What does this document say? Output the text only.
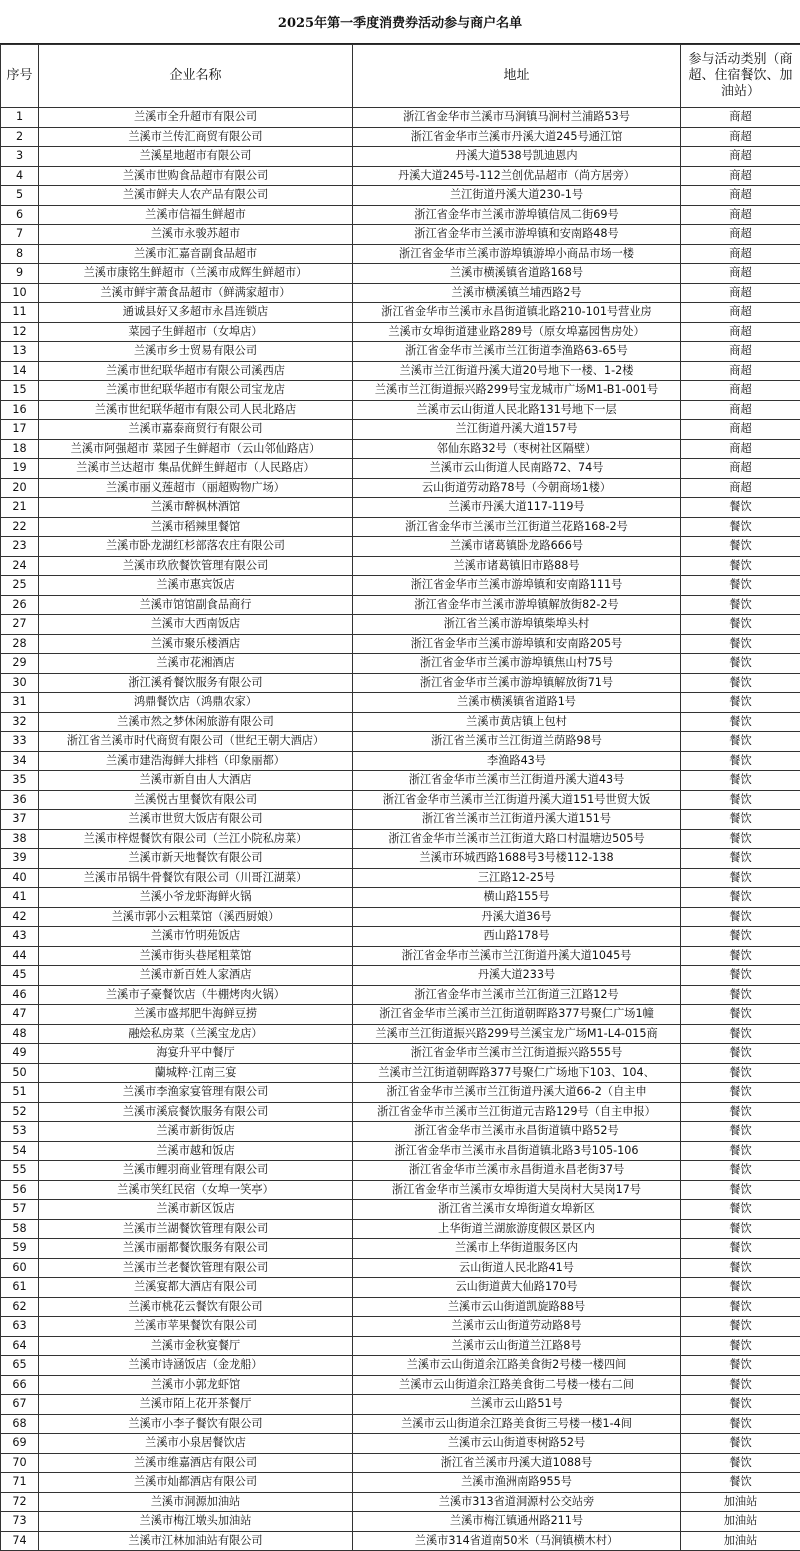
2025年第一季度消费券活动参与商户名单
序号	企业名称	地址	参与活动类别（商超、住宿餐饮、加油站）
1	兰溪市全升超市有限公司	浙江省金华市兰溪市马涧镇马涧村兰浦路53号	商超
2	兰溪市兰传汇商贸有限公司	浙江省金华市兰溪市丹溪大道245号通江馆	商超
3	兰溪星地超市有限公司	丹溪大道538号凯迪恩内	商超
4	兰溪市世购食品超市有限公司	丹溪大道245号-112兰创优品超市（尚方居旁）	商超
5	兰溪市鲜夫人农产品有限公司	兰江街道丹溪大道230-1号	商超
6	兰溪市信福生鲜超市	浙江省金华市兰溪市游埠镇信凤二街69号	商超
7	兰溪市永骏苏超市	浙江省金华市兰溪市游埠镇和安南路48号	商超
8	兰溪市汇嘉音副食品超市	浙江省金华市兰溪市游埠镇游埠小商品市场一楼	商超
9	兰溪市康铭生鲜超市（兰溪市成辉生鲜超市）	兰溪市横溪镇省道路168号	商超
10	兰溪市鲜宇萧食品超市（鲜满家超市）	兰溪市横溪镇兰埔西路2号	商超
11	通诚县好又多超市永昌连锁店	浙江省金华市兰溪市永昌街道镇北路210-101号营业房	商超
12	菜园子生鲜超市（女埠店）	兰溪市女埠街道建业路289号（原女埠嘉园售房处）	商超
13	兰溪市乡士贸易有限公司	浙江省金华市兰溪市兰江街道李渔路63-65号	商超
14	兰溪市世纪联华超市有限公司溪西店	兰溪市兰江街道丹溪大道20号地下一楼、1-2楼	商超
15	兰溪市世纪联华超市有限公司宝龙店	兰溪市兰江街道振兴路299号宝龙城市广场M1-B1-001号	商超
16	兰溪市世纪联华超市有限公司人民北路店	兰溪市云山街道人民北路131号地下一层	商超
17	兰溪市嘉泰商贸行有限公司	兰江街道丹溪大道157号	商超
18	兰溪市阿强超市 菜园子生鲜超市（云山邻仙路店）	邻仙东路32号（枣树社区隔壁）	商超
19	兰溪市兰达超市 集品优鲜生鲜超市（人民路店）	兰溪市云山街道人民南路72、74号	商超
20	兰溪市丽义莲超市（丽超购物广场）	云山街道劳动路78号（今朝商场1楼）	商超
21	兰溪市醉枫林酒馆	兰溪市丹溪大道117-119号	餐饮
22	兰溪市稻辣里餐馆	浙江省金华市兰溪市兰江街道兰花路168-2号	餐饮
23	兰溪市卧龙湖红杉部落农庄有限公司	兰溪市诸葛镇卧龙路666号	餐饮
24	兰溪市玖欣餐饮管理有限公司	兰溪市诸葛镇旧市路88号	餐饮
25	兰溪市惠宾饭店	浙江省金华市兰溪市游埠镇和安南路111号	餐饮
26	兰溪市馆馆副食品商行	浙江省金华市兰溪市游埠镇解放街82-2号	餐饮
27	兰溪市大西南饭店	浙江省兰溪市游埠镇柴埠头村	餐饮
28	兰溪市聚乐楼酒店	浙江省金华市兰溪市游埠镇和安南路205号	餐饮
29	兰溪市花湘酒店	浙江省金华市兰溪市游埠镇焦山村75号	餐饮
30	浙江溪肴餐饮服务有限公司	浙江省金华市兰溪市游埠镇解放街71号	餐饮
31	鸿鼎餐饮店（鸿鼎农家）	兰溪市横溪镇省道路1号	餐饮
32	兰溪市然之梦休闲旅游有限公司	兰溪市黄店镇上包村	餐饮
33	浙江省兰溪市时代商贸有限公司（世纪王朝大酒店）	浙江省兰溪市兰江街道兰荫路98号	餐饮
34	兰溪市建浩海鲜大排档（印象丽都）	李渔路43号	餐饮
35	兰溪市新自由人大酒店	浙江省金华市兰溪市兰江街道丹溪大道43号	餐饮
36	兰溪悦古里餐饮有限公司	浙江省金华市兰溪市兰江街道丹溪大道151号世贸大饭	餐饮
37	兰溪市世贸大饭店有限公司	浙江省兰溪市兰江街道丹溪大道151号	餐饮
38	兰溪市梓煜餐饮有限公司（兰江小院私房菜）	浙江省金华市兰溪市兰江街道大路口村温塘边505号	餐饮
39	兰溪市新天地餐饮有限公司	兰溪市环城西路1688号3号楼112-138	餐饮
40	兰溪市吊锅牛骨餐饮有限公司（川哥江湖菜）	三江路12-25号	餐饮
41	兰溪小爷龙虾海鲜火锅	横山路155号	餐饮
42	兰溪市郭小云粗菜馆（溪西厨娘）	丹溪大道36号	餐饮
43	兰溪市竹明苑饭店	西山路178号	餐饮
44	兰溪市街头巷尾粗菜馆	浙江省金华市兰溪市兰江街道丹溪大道1045号	餐饮
45	兰溪市新百姓人家酒店	丹溪大道233号	餐饮
46	兰溪市子豪餐饮店（牛棚烤肉火锅）	浙江省金华市兰溪市兰江街道三江路12号	餐饮
47	兰溪市盛邦肥牛海鲜豆捞	浙江省金华市兰溪市兰江街道朝晖路377号聚仁广场1幢	餐饮
48	融烩私房菜（兰溪宝龙店）	兰溪市兰江街道振兴路299号兰溪宝龙广场M1-L4-015商	餐饮
49	海宴升平中餐厅	浙江省金华市兰溪市兰江街道振兴路555号	餐饮
50	蘭城粹·江南三宴	兰溪市兰江街道朝晖路377号聚仁广场地下103、104、	餐饮
51	兰溪市李渔家宴管理有限公司	浙江省金华市兰溪市兰江街道丹溪大道66-2（自主申	餐饮
52	兰溪市溪宸餐饮服务有限公司	浙江省金华市兰溪市兰江街道元吉路129号（自主申报）	餐饮
53	兰溪市新街饭店	浙江省金华市兰溪市永昌街道镇中路52号	餐饮
54	兰溪市越和饭店	浙江省金华市兰溪市永昌街道镇北路3号105-106	餐饮
55	兰溪市鲤羽商业管理有限公司	浙江省金华市兰溪市永昌街道永昌老街37号	餐饮
56	兰溪市笑红民宿（女埠一笑亭）	浙江省金华市兰溪市女埠街道大吴岗村大吴岗17号	餐饮
57	兰溪市新区饭店	浙江省兰溪市女埠街道女埠新区	餐饮
58	兰溪市兰湖餐饮管理有限公司	上华街道兰湖旅游度假区景区内	餐饮
59	兰溪市丽都餐饮服务有限公司	兰溪市上华街道服务区内	餐饮
60	兰溪市兰老餐饮管理有限公司	云山街道人民北路41号	餐饮
61	兰溪宴都大酒店有限公司	云山街道黄大仙路170号	餐饮
62	兰溪市桃花云餐饮有限公司	兰溪市云山街道凯旋路88号	餐饮
63	兰溪市苹果餐饮有限公司	兰溪市云山街道劳动路8号	餐饮
64	兰溪市金秋宴餐厅	兰溪市云山街道兰江路8号	餐饮
65	兰溪市诗涵饭店（金龙船）	兰溪市云山街道余江路美食街2号楼一楼四间	餐饮
66	兰溪市小郭龙虾馆	兰溪市云山街道余江路美食街二号楼一楼右二间	餐饮
67	兰溪市陌上花开茶餐厅	兰溪市云山路51号	餐饮
68	兰溪市小李子餐饮有限公司	兰溪市云山街道余江路美食街三号楼一楼1-4间	餐饮
69	兰溪市小泉居餐饮店	兰溪市云山街道枣树路52号	餐饮
70	兰溪市维嘉酒店有限公司	浙江省兰溪市丹溪大道1088号	餐饮
71	兰溪市灿都酒店有限公司	兰溪市渔洲南路955号	餐饮
72	兰溪市洞源加油站	兰溪市313省道洞源村公交站旁	加油站
73	兰溪市梅江墩头加油站	兰溪市梅江镇通州路211号	加油站
74	兰溪市江林加油站有限公司	兰溪市314省道南50米（马涧镇横木村）	加油站
